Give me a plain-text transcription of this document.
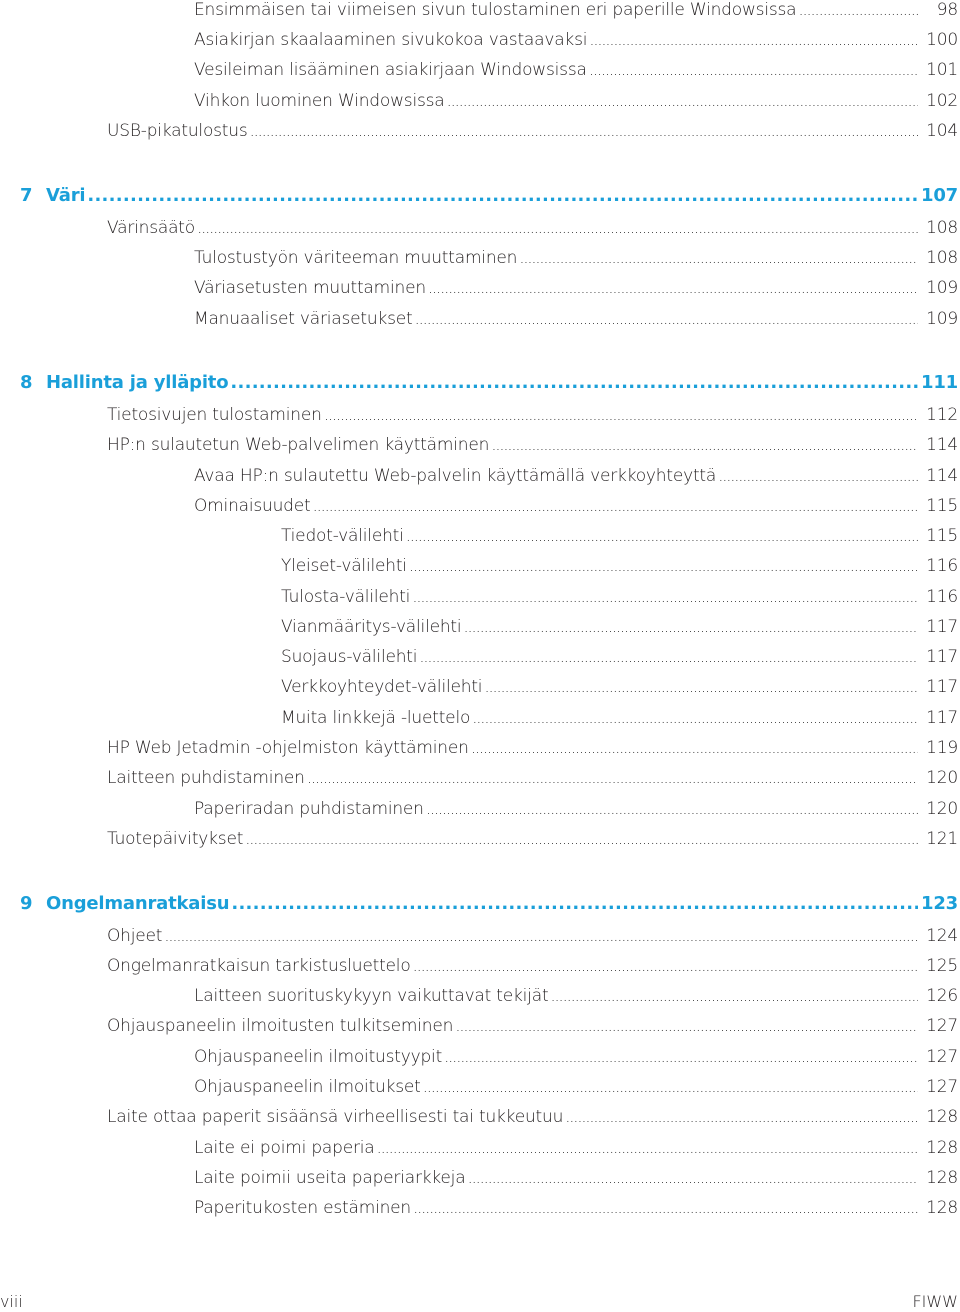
Ensimmäisen tai viimeisen sivun tulostaminen eri paperille Windowsissa . . .	98
Asiakirjan skaalaaminen sivukokoa vastaavaksi . . .	100
Vesileiman lisääminen asiakirjaan Windowsissa . . .	101
Vihkon luominen Windowsissa . . .	102
USB-pikatulostus . . .	104
7 Väri . . .	107
Värinsäätö . . .	108
Tulostustyön väriteeman muuttaminen . . .	108
Väriasetusten muuttaminen . . .	109
Manuaaliset väriasetukset . . .	109
8 Hallinta ja ylläpito . . .	111
Tietosivujen tulostaminen . . .	112
HP:n sulautetun Web-palvelimen käyttäminen . . .	114
Avaa HP:n sulautettu Web-palvelin käyttämällä verkkoyhteyttä . . .	114
Ominaisuudet . . .	115
Tiedot-välilehti . . .	115
Yleiset-välilehti . . .	116
Tulosta-välilehti . . .	116
Vianmääritys-välilehti . . .	117
Suojaus-välilehti . . .	117
Verkkoyhteydet-välilehti . . .	117
Muita linkkejä -luettelo . . .	117
HP Web Jetadmin -ohjelmiston käyttäminen . . .	119
Laitteen puhdistaminen . . .	120
Paperiradan puhdistaminen . . .	120
Tuotepäivitykset . . .	121
9 Ongelmanratkaisu . . .	123
Ohjeet . . .	124
Ongelmanratkaisun tarkistusluettelo . . .	125
Laitteen suorituskykyyn vaikuttavat tekijät . . .	126
Ohjauspaneelin ilmoitusten tulkitseminen . . .	127
Ohjauspaneelin ilmoitustyypit . . .	127
Ohjauspaneelin ilmoitukset . . .	127
Laite ottaa paperit sisäänsä virheellisesti tai tukkeutuu . . .	128
Laite ei poimi paperia . . .	128
Laite poimii useita paperiarkkeja . . .	128
Paperitukosten estäminen . . .	128
viii	FIWW
